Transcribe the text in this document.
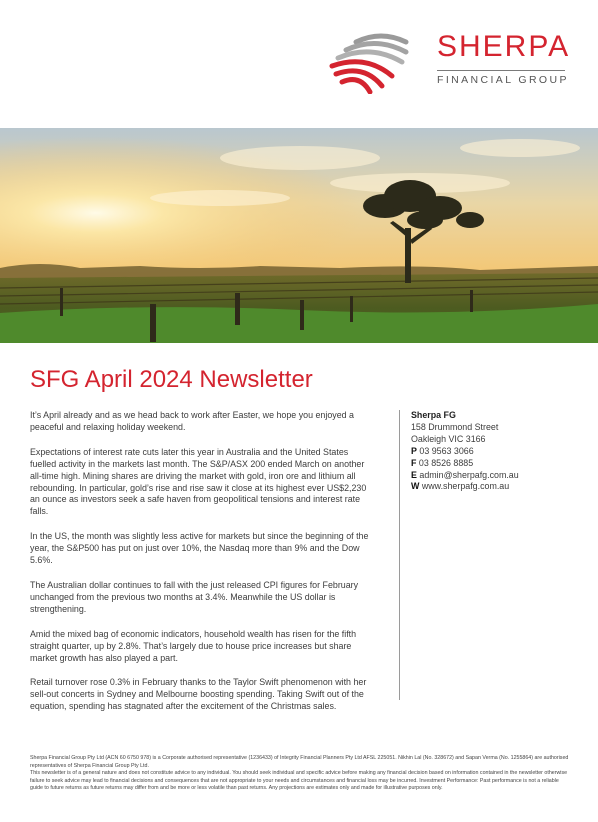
SHERPA
FINANCIAL GROUP
SFG April 2024 Newsletter

It’s April already and as we head back to work after Easter, we hope you enjoyed a peaceful and relaxing holiday weekend.

Expectations of interest rate cuts later this year in Australia and the United States fuelled activity in the markets last month. The S&P/ASX 200 ended March on another all-time high. Mining shares are driving the market with gold, iron ore and lithium all rebounding. In particular, gold’s rise and rise saw it close at its highest ever US$2,230 an ounce as investors seek a safe haven from geopolitical tensions and interest rate falls.

In the US, the month was slightly less active for markets but since the beginning of the year, the S&P500 has put on just over 10%, the Nasdaq more than 9% and the Dow 5.6%.

The Australian dollar continues to fall with the just released CPI figures for February unchanged from the previous two months at 3.4%. Meanwhile the US dollar is strengthening.

Amid the mixed bag of economic indicators, household wealth has risen for the fifth straight quarter, up by 2.8%. That’s largely due to house price increases but share market growth has also played a part.

Retail turnover rose 0.3% in February thanks to the Taylor Swift phenomenon with her sell-out concerts in Sydney and Melbourne boosting spending. Taking Swift out of the equation, spending has stagnated after the excitement of the Christmas sales.

Sherpa FG
158 Drummond Street
Oakleigh VIC 3166
P 03 9563 3066
F 03 8526 8885
E admin@sherpafg.com.au
W www.sherpafg.com.au

Sherpa Financial Group Pty Ltd (ACN 60 6750 978) is a Corporate authorised representative (1236433) of Integrity Financial Planners Pty Ltd AFSL 225051. Nikhin Lal (No. 328672) and Sapan Verma (No. 1255864) are authorised representatives of Sherpa Financial Group Pty Ltd.

This newsletter is of a general nature and does not constitute advice to any individual. You should seek individual and specific advice before making any financial decision based on information contained in the newsletter otherwise failure to seek advice may lead to financial decisions and consequences that are not appropriate to your needs and circumstances and financial loss may be incurred. Investment Performance: Past performance is not a reliable guide to future returns as future returns may differ from and be more or less volatile than past returns. Any projections are estimates only and made for illustrative purposes only.
